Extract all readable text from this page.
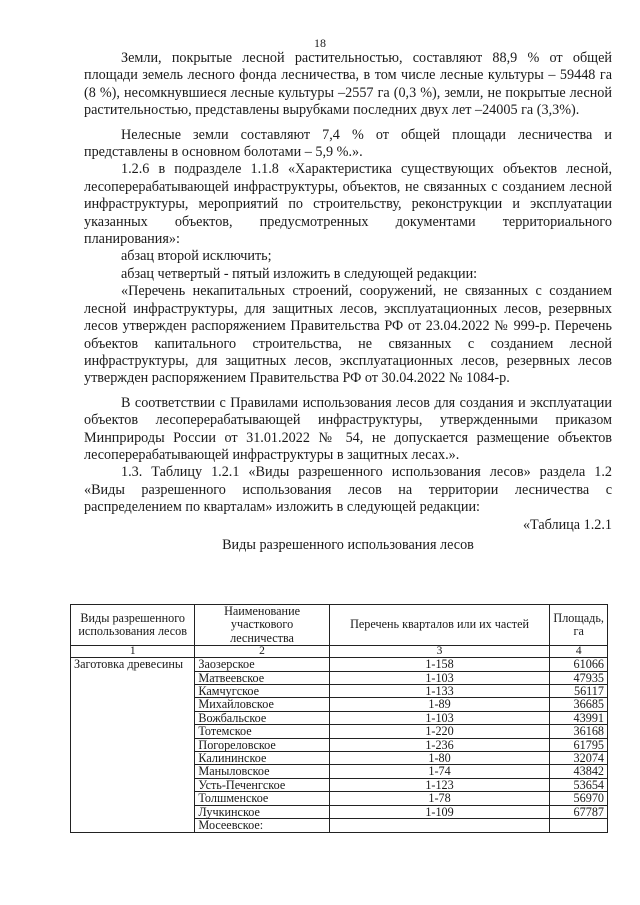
18

Земли, покрытые лесной растительностью, составляют 88,9 % от общей площади земель лесного фонда лесничества, в том числе лесные культуры – 59448 га (8 %), несомкнувшиеся лесные культуры –2557 га (0,3 %), земли, не покрытые лесной растительностью, представлены вырубками последних двух лет –24005 га (3,3%).

Нелесные земли составляют 7,4 % от общей площади лесничества и представлены в основном болотами – 5,9 %.».

1.2.6 в подразделе 1.1.8 «Характеристика существующих объектов лесной, лесоперерабатывающей инфраструктуры, объектов, не связанных с созданием лесной инфраструктуры, мероприятий по строительству, реконструкции и эксплуатации указанных объектов, предусмотренных документами территориального планирования»:

абзац второй исключить;

абзац четвертый - пятый изложить в следующей редакции:

«Перечень некапитальных строений, сооружений, не связанных с созданием лесной инфраструктуры, для защитных лесов, эксплуатационных лесов, резервных лесов утвержден распоряжением Правительства РФ от 23.04.2022 № 999-р. Перечень объектов капитального строительства, не связанных с созданием лесной инфраструктуры, для защитных лесов, эксплуатационных лесов, резервных лесов утвержден распоряжением Правительства РФ от 30.04.2022 № 1084-р.

В соответствии с Правилами использования лесов для создания и эксплуатации объектов лесоперерабатывающей инфраструктуры, утвержденными приказом Минприроды России от 31.01.2022 № 54, не допускается размещение объектов лесоперерабатывающей инфраструктуры в защитных лесах.».

1.3. Таблицу 1.2.1 «Виды разрешенного использования лесов» раздела 1.2 «Виды разрешенного использования лесов на территории лесничества с распределением по кварталам» изложить в следующей редакции:

«Таблица 1.2.1

Виды разрешенного использования лесов

Виды разрешенного использования лесов	Наименование участкового лесничества	Перечень кварталов или их частей	Площадь, га
1	2	3	4
Заготовка древесины	Заозерское	1-158	61066
	Матвеевское	1-103	47935
	Камчугское	1-133	56117
	Михайловское	1-89	36685
	Вожбальское	1-103	43991
	Тотемское	1-220	36168
	Погореловское	1-236	61795
	Калининское	1-80	32074
	Маныловское	1-74	43842
	Усть-Печенгское	1-123	53654
	Толшменское	1-78	56970
	Лучкинское	1-109	67787
	Мосеевское:		
